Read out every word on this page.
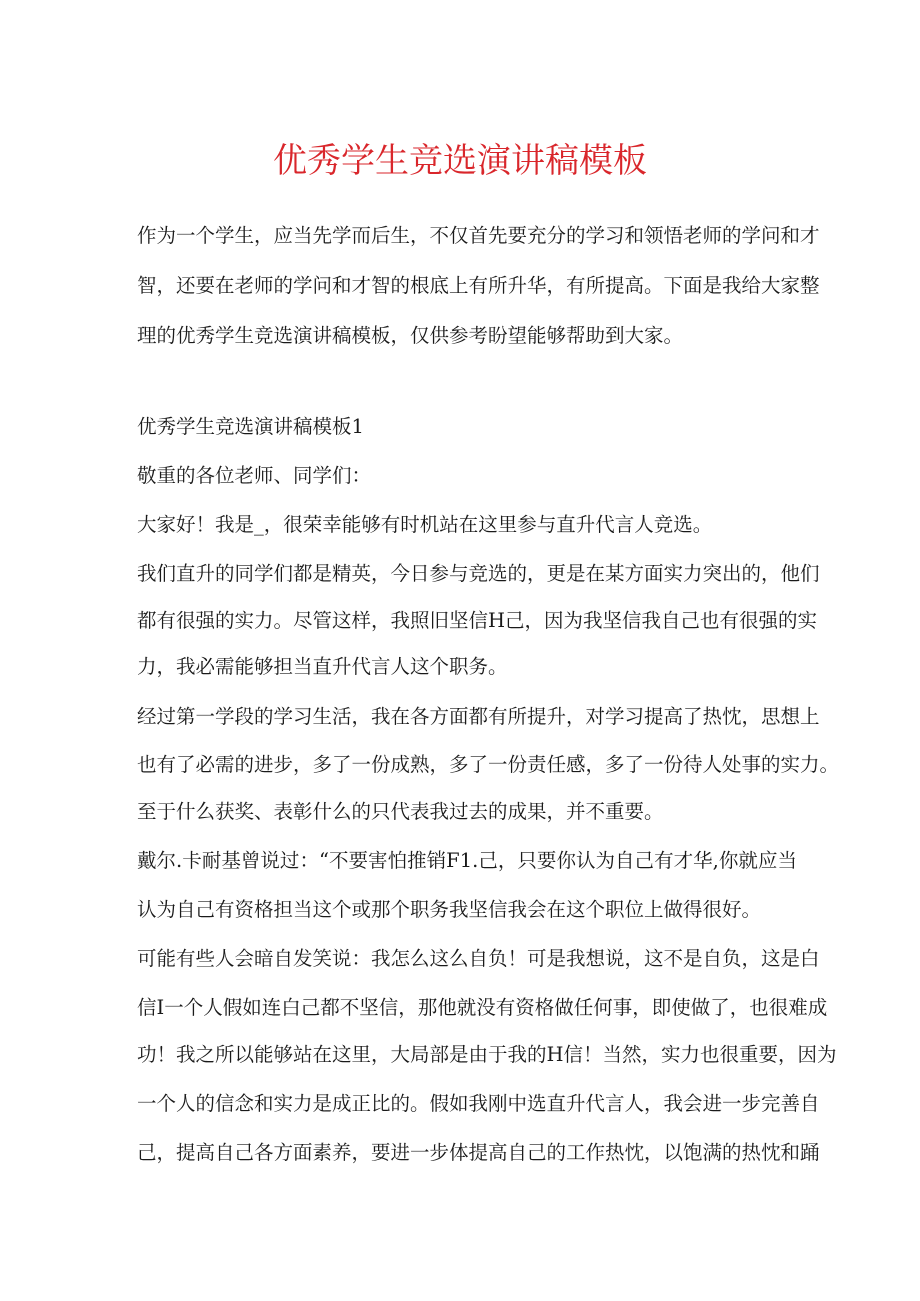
优秀学生竞选演讲稿模板

作为一个学生，应当先学而后生，不仅首先要充分的学习和领悟老师的学问和才

智，还要在老师的学问和才智的根底上有所升华，有所提高。下面是我给大家整

理的优秀学生竞选演讲稿模板，仅供参考盼望能够帮助到大家。

优秀学生竞选演讲稿模板1

敬重的各位老师、同学们：

大家好！我是_，很荣幸能够有时机站在这里参与直升代言人竞选。

我们直升的同学们都是精英，今日参与竞选的，更是在某方面实力突出的，他们

都有很强的实力。尽管这样，我照旧坚信H己，因为我坚信我自己也有很强的实

力，我必需能够担当直升代言人这个职务。

经过第一学段的学习生活，我在各方面都有所提升，对学习提高了热忱，思想上

也有了必需的进步，多了一份成熟，多了一份责任感，多了一份待人处事的实力。

至于什么获奖、表彰什么的只代表我过去的成果，并不重要。

戴尔.卡耐基曾说过：“不要害怕推销F1.己，只要你认为自己有才华,你就应当

认为自己有资格担当这个或那个职务我坚信我会在这个职位上做得很好。

可能有些人会暗自发笑说：我怎么这么自负！可是我想说，这不是自负，这是白

信I一个人假如连白己都不坚信，那他就没有资格做任何事，即使做了，也很难成

功！我之所以能够站在这里，大局部是由于我的H信！当然，实力也很重要，因为

一个人的信念和实力是成正比的。假如我刚中选直升代言人，我会进一步完善自

己，提高自己各方面素养，要进一步体提高自己的工作热忱，以饱满的热忱和踊
